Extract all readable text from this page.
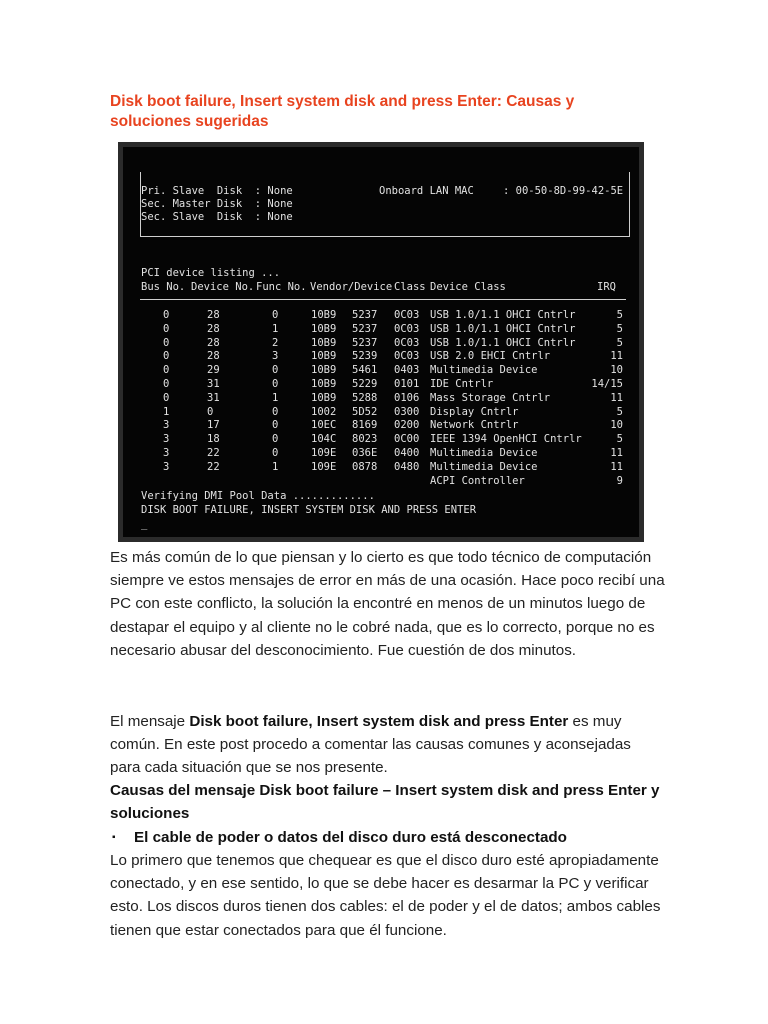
Disk boot failure, Insert system disk and press Enter: Causas y soluciones sugeridas
Pri. Slave  Disk  : None
Sec. Master Disk  : None
Sec. Slave  Disk  : None
Onboard LAN MAC	: 00-50-8D-99-42-5E
PCI device listing ...
Bus No. Device No. Func No. Vendor/Device Class Device Class	IRQ
0	28	0	10B9 5237 0C03 USB 1.0/1.1 OHCI Cntrlr	5
0	28	1	10B9 5237 0C03 USB 1.0/1.1 OHCI Cntrlr	5
0	28	2	10B9 5237 0C03 USB 1.0/1.1 OHCI Cntrlr	5
0	28	3	10B9 5239 0C03 USB 2.0 EHCI Cntrlr	11
0	29	0	10B9 5461 0403 Multimedia Device	10
0	31	0	10B9 5229 0101 IDE Cntrlr	14/15
0	31	1	10B9 5288 0106 Mass Storage Cntrlr	11
1	0	0	1002 5D52 0300 Display Cntrlr	5
3	17	0	10EC 8169 0200 Network Cntrlr	10
3	18	0	104C 8023 0C00 IEEE 1394 OpenHCI Cntrlr	5
3	22	0	109E 036E 0400 Multimedia Device	11
3	22	1	109E 0878 0480 Multimedia Device	11
ACPI Controller	9
Verifying DMI Pool Data .............
DISK BOOT FAILURE, INSERT SYSTEM DISK AND PRESS ENTER
_
Es más común de lo que piensan y lo cierto es que todo técnico de computación siempre ve estos mensajes de error en más de una ocasión. Hace poco recibí una PC con este conflicto, la solución la encontré en menos de un minutos luego de destapar el equipo y al cliente no le cobré nada, que es lo correcto, porque no es necesario abusar del desconocimiento. Fue cuestión de dos minutos.
El mensaje Disk boot failure, Insert system disk and press Enter es muy común. En este post procedo a comentar las causas comunes y aconsejadas para cada situación que se nos presente.
Causas del mensaje Disk boot failure – Insert system disk and press Enter y soluciones
▪ El cable de poder o datos del disco duro está desconectado
Lo primero que tenemos que chequear es que el disco duro esté apropiadamente conectado, y en ese sentido, lo que se debe hacer es desarmar la PC y verificar esto. Los discos duros tienen dos cables: el de poder y el de datos; ambos cables tienen que estar conectados para que él funcione.
